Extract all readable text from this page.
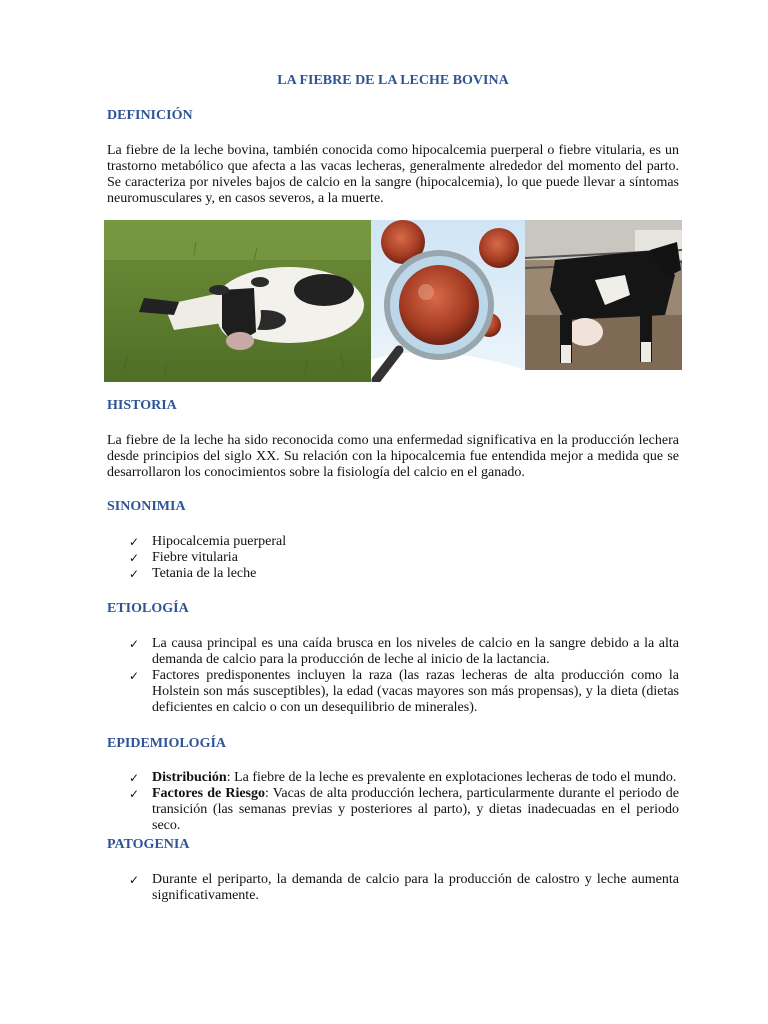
LA FIEBRE DE LA LECHE BOVINA
DEFINICIÓN
La fiebre de la leche bovina, también conocida como hipocalcemia puerperal o fiebre vitularia, es un trastorno metabólico que afecta a las vacas lecheras, generalmente alrededor del momento del parto. Se caracteriza por niveles bajos de calcio en la sangre (hipocalcemia), lo que puede llevar a síntomas neuromusculares y, en casos severos, a la muerte.
HISTORIA
La fiebre de la leche ha sido reconocida como una enfermedad significativa en la producción lechera desde principios del siglo XX. Su relación con la hipocalcemia fue entendida mejor a medida que se desarrollaron los conocimientos sobre la fisiología del calcio en el ganado.
SINONIMIA
✓ Hipocalcemia puerperal
✓ Fiebre vitularia
✓ Tetania de la leche
ETIOLOGÍA
✓ La causa principal es una caída brusca en los niveles de calcio en la sangre debido a la alta demanda de calcio para la producción de leche al inicio de la lactancia.
✓ Factores predisponentes incluyen la raza (las razas lecheras de alta producción como la Holstein son más susceptibles), la edad (vacas mayores son más propensas), y la dieta (dietas deficientes en calcio o con un desequilibrio de minerales).
EPIDEMIOLOGÍA
✓ Distribución: La fiebre de la leche es prevalente en explotaciones lecheras de todo el mundo.
✓ Factores de Riesgo: Vacas de alta producción lechera, particularmente durante el periodo de transición (las semanas previas y posteriores al parto), y dietas inadecuadas en el periodo seco.
PATOGENIA
✓ Durante el periparto, la demanda de calcio para la producción de calostro y leche aumenta significativamente.
